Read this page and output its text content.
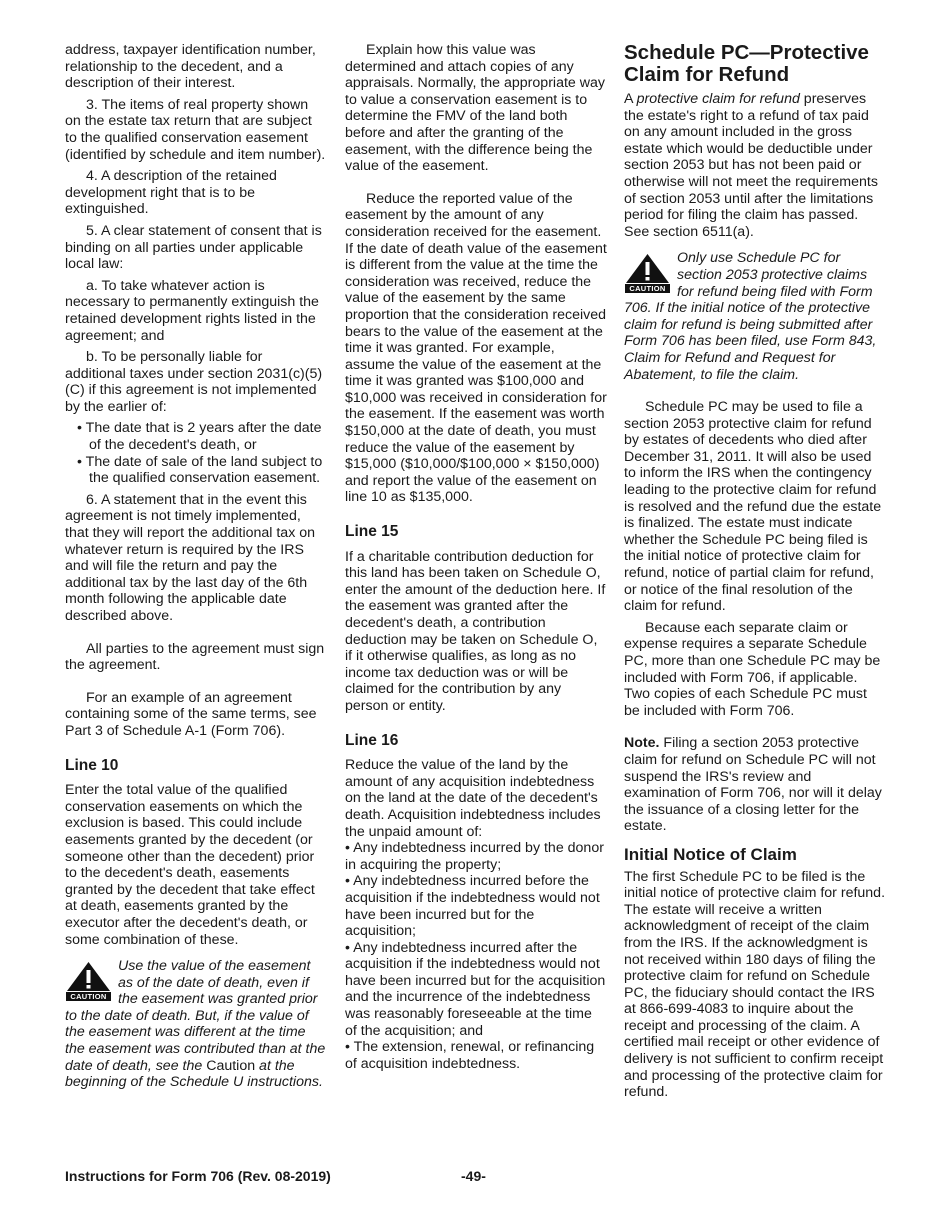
address, taxpayer identification number, relationship to the decedent, and a description of their interest.

3. The items of real property shown on the estate tax return that are subject to the qualified conservation easement (identified by schedule and item number).

4. A description of the retained development right that is to be extinguished.

5. A clear statement of consent that is binding on all parties under applicable local law:

a. To take whatever action is necessary to permanently extinguish the retained development rights listed in the agreement; and

b. To be personally liable for additional taxes under section 2031(c)(5)(C) if this agreement is not implemented by the earlier of:

• The date that is 2 years after the date of the decedent's death, or

• The date of sale of the land subject to the qualified conservation easement.

6. A statement that in the event this agreement is not timely implemented, that they will report the additional tax on whatever return is required by the IRS and will file the return and pay the additional tax by the last day of the 6th month following the applicable date described above.

All parties to the agreement must sign the agreement.

For an example of an agreement containing some of the same terms, see Part 3 of Schedule A-1 (Form 706).

Line 10

Enter the total value of the qualified conservation easements on which the exclusion is based. This could include easements granted by the decedent (or someone other than the decedent) prior to the decedent's death, easements granted by the decedent that take effect at death, easements granted by the executor after the decedent's death, or some combination of these.

CAUTION
Use the value of the easement as of the date of death, even if the easement was granted prior to the date of death. But, if the value of the easement was different at the time the easement was contributed than at the date of death, see the Caution at the beginning of the Schedule U instructions.

Explain how this value was determined and attach copies of any appraisals. Normally, the appropriate way to value a conservation easement is to determine the FMV of the land both before and after the granting of the easement, with the difference being the value of the easement.

Reduce the reported value of the easement by the amount of any consideration received for the easement. If the date of death value of the easement is different from the value at the time the consideration was received, reduce the value of the easement by the same proportion that the consideration received bears to the value of the easement at the time it was granted. For example, assume the value of the easement at the time it was granted was $100,000 and $10,000 was received in consideration for the easement. If the easement was worth $150,000 at the date of death, you must reduce the value of the easement by $15,000 ($10,000/$100,000 × $150,000) and report the value of the easement on line 10 as $135,000.

Line 15

If a charitable contribution deduction for this land has been taken on Schedule O, enter the amount of the deduction here. If the easement was granted after the decedent's death, a contribution deduction may be taken on Schedule O, if it otherwise qualifies, as long as no income tax deduction was or will be claimed for the contribution by any person or entity.

Line 16

Reduce the value of the land by the amount of any acquisition indebtedness on the land at the date of the decedent's death. Acquisition indebtedness includes the unpaid amount of:

• Any indebtedness incurred by the donor in acquiring the property;

• Any indebtedness incurred before the acquisition if the indebtedness would not have been incurred but for the acquisition;

• Any indebtedness incurred after the acquisition if the indebtedness would not have been incurred but for the acquisition and the incurrence of the indebtedness was reasonably foreseeable at the time of the acquisition; and

• The extension, renewal, or refinancing of acquisition indebtedness.

Schedule PC—Protective Claim for Refund

A protective claim for refund preserves the estate's right to a refund of tax paid on any amount included in the gross estate which would be deductible under section 2053 but has not been paid or otherwise will not meet the requirements of section 2053 until after the limitations period for filing the claim has passed. See section 6511(a).

CAUTION
Only use Schedule PC for section 2053 protective claims for refund being filed with Form 706. If the initial notice of the protective claim for refund is being submitted after Form 706 has been filed, use Form 843, Claim for Refund and Request for Abatement, to file the claim.

Schedule PC may be used to file a section 2053 protective claim for refund by estates of decedents who died after December 31, 2011. It will also be used to inform the IRS when the contingency leading to the protective claim for refund is resolved and the refund due the estate is finalized. The estate must indicate whether the Schedule PC being filed is the initial notice of protective claim for refund, notice of partial claim for refund, or notice of the final resolution of the claim for refund.

Because each separate claim or expense requires a separate Schedule PC, more than one Schedule PC may be included with Form 706, if applicable. Two copies of each Schedule PC must be included with Form 706.

Note. Filing a section 2053 protective claim for refund on Schedule PC will not suspend the IRS's review and examination of Form 706, nor will it delay the issuance of a closing letter for the estate.

Initial Notice of Claim

The first Schedule PC to be filed is the initial notice of protective claim for refund. The estate will receive a written acknowledgment of receipt of the claim from the IRS. If the acknowledgment is not received within 180 days of filing the protective claim for refund on Schedule PC, the fiduciary should contact the IRS at 866-699-4083 to inquire about the receipt and processing of the claim. A certified mail receipt or other evidence of delivery is not sufficient to confirm receipt and processing of the protective claim for refund.

Instructions for Form 706 (Rev. 08-2019)	-49-
